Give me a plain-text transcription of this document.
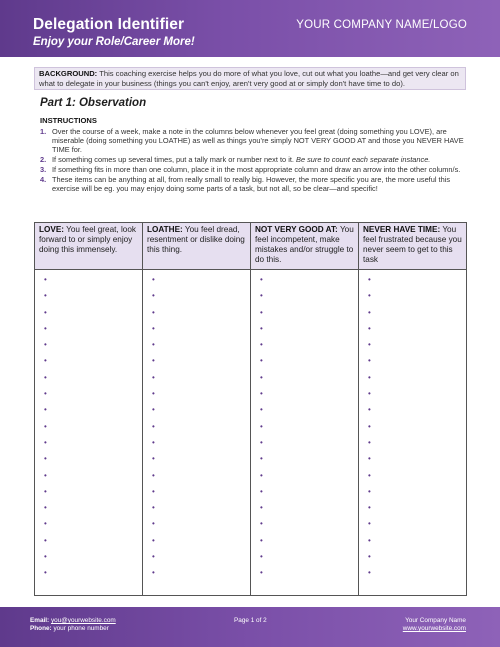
Delegation Identifier
Enjoy your Role/Career More!
YOUR COMPANY NAME/LOGO
BACKGROUND: This coaching exercise helps you do more of what you love, cut out what you loathe—and get very clear on what to delegate in your business (things you can't enjoy, aren't very good at or simply don't have time to do).
Part 1: Observation
INSTRUCTIONS
1. Over the course of a week, make a note in the columns below whenever you feel great (doing something you LOVE), are miserable (doing something you LOATHE) as well as things you're simply NOT VERY GOOD AT and those you NEVER HAVE TIME for.
2. If something comes up several times, put a tally mark or number next to it. Be sure to count each separate instance.
3. If something fits in more than one column, place it in the most appropriate column and draw an arrow into the other column/s.
4. These items can be anything at all, from really small to really big. However, the more specific you are, the more useful this exercise will be eg. you may enjoy doing some parts of a task, but not all, so be clear—and specific!
LOVE: You feel great, look forward to or simply enjoy doing this immensely.
•
•
•
•
•
•
•
•
•
•
•
•
•
•
•
•
•
•
•
LOATHE: You feel dread, resentment or dislike doing this thing.
•
•
•
•
•
•
•
•
•
•
•
•
•
•
•
•
•
•
•
NOT VERY GOOD AT: You feel incompetent, make mistakes and/or struggle to do this.
•
•
•
•
•
•
•
•
•
•
•
•
•
•
•
•
•
•
•
NEVER HAVE TIME: You feel frustrated because you never seem to get to this task
•
•
•
•
•
•
•
•
•
•
•
•
•
•
•
•
•
•
•
Email: you@yourwebsite.com
Phone: your phone number
Page 1 of 2	Your Company Name
www.yourwebsite.com
